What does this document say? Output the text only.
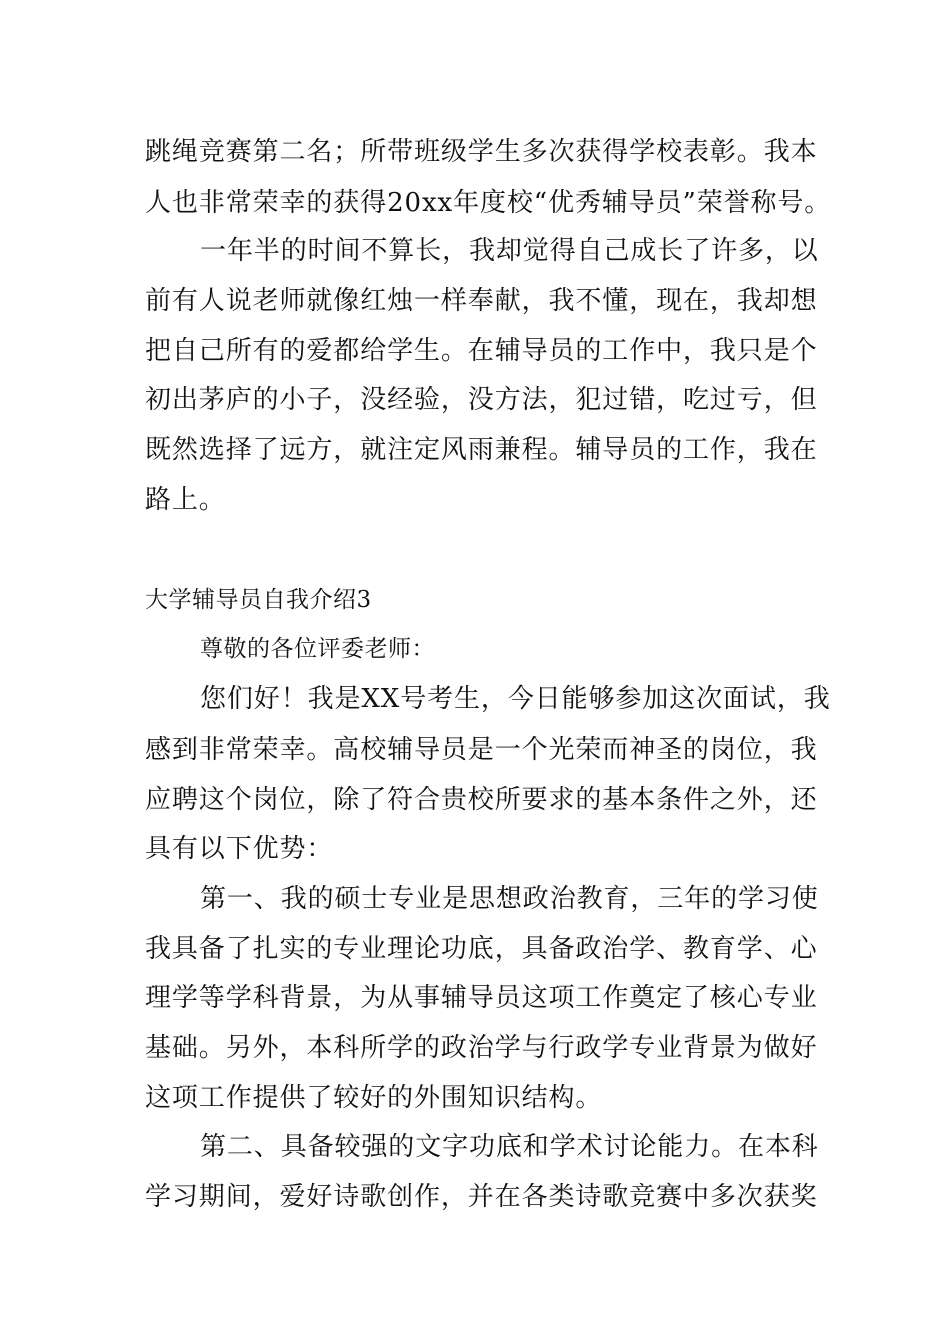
跳绳竞赛第二名；所带班级学生多次获得学校表彰。我本
人也非常荣幸的获得20xx年度校“优秀辅导员”荣誉称号。
一年半的时间不算长，我却觉得自己成长了许多，以
前有人说老师就像红烛一样奉献，我不懂，现在，我却想
把自己所有的爱都给学生。在辅导员的工作中，我只是个
初出茅庐的小子，没经验，没方法，犯过错，吃过亏，但
既然选择了远方，就注定风雨兼程。辅导员的工作，我在
路上。
大学辅导员自我介绍3
尊敬的各位评委老师：
您们好！我是XX号考生，今日能够参加这次面试，我
感到非常荣幸。高校辅导员是一个光荣而神圣的岗位，我
应聘这个岗位，除了符合贵校所要求的基本条件之外，还
具有以下优势：
第一、我的硕士专业是思想政治教育，三年的学习使
我具备了扎实的专业理论功底，具备政治学、教育学、心
理学等学科背景，为从事辅导员这项工作奠定了核心专业
基础。另外，本科所学的政治学与行政学专业背景为做好
这项工作提供了较好的外围知识结构。
第二、具备较强的文字功底和学术讨论能力。在本科
学习期间，爱好诗歌创作，并在各类诗歌竞赛中多次获奖
